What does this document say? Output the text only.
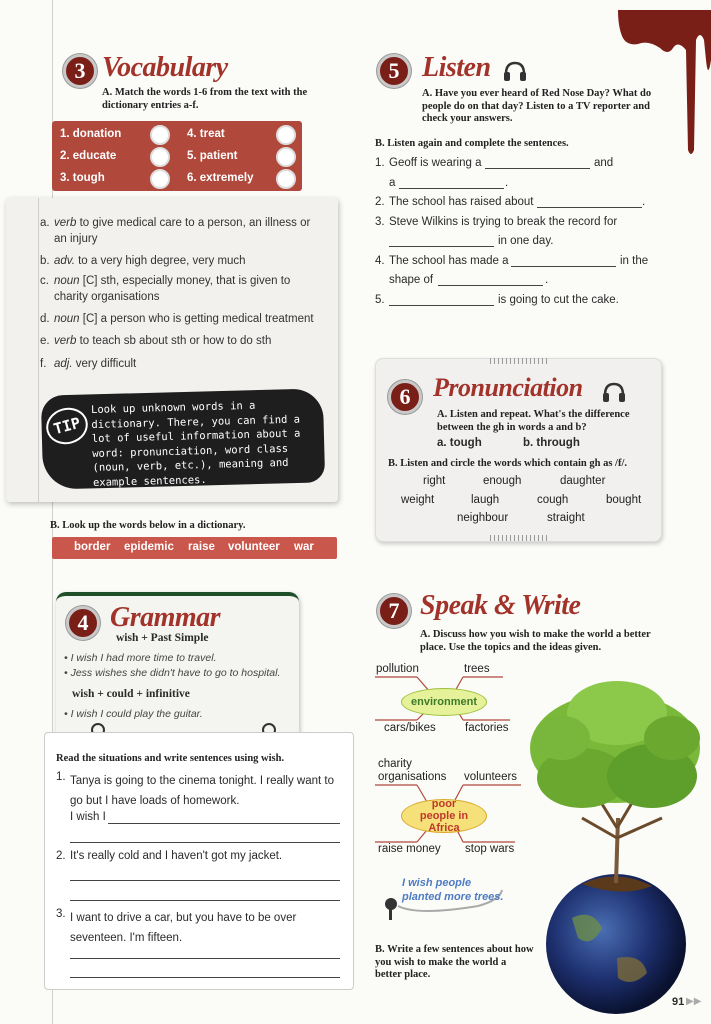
3 Vocabulary
A. Match the words 1-6 from the text with the dictionary entries a-f.
1. donation
2. educate
3. tough
4. treat
5. patient
6. extremely
a. verb to give medical care to a person, an illness or an injury
b. adv. to a very high degree, very much
c. noun [C] sth, especially money, that is given to charity organisations
d. noun [C] a person who is getting medical treatment
e. verb to teach sb about sth or how to do sth
f. adj. very difficult
TIP
Look up unknown words in a dictionary. There, you can find a lot of useful information about a word: pronunciation, word class (noun, verb, etc.), meaning and example sentences.
B. Look up the words below in a dictionary.
border epidemic raise volunteer war
5 Listen
A. Have you ever heard of Red Nose Day? What do people do on that day? Listen to a TV reporter and check your answers.
B. Listen again and complete the sentences.
1. Geoff is wearing a	and
a	.
2. The school has raised about	.
3. Steve Wilkins is trying to break the record for
in one day.
4. The school has made a	in the
shape of	.
5.	is going to cut the cake.
6 Pronunciation
A. Listen and repeat. What's the difference between the gh in words a and b?
a. tough	b. through
B. Listen and circle the words which contain gh as /f/.
right	enough	daughter
weight	laugh	cough	bought
neighbour	straight
4 Grammar
wish + Past Simple
• I wish I had more time to travel.
• Jess wishes she didn't have to go to hospital.
wish + could + infinitive
• I wish I could play the guitar.
Read the situations and write sentences using wish.
1. Tanya is going to the cinema tonight. I really want to go but I have loads of homework.
I wish I
2. It's really cold and I haven't got my jacket.
3. I want to drive a car, but you have to be over seventeen. I'm fifteen.
7 Speak & Write
A. Discuss how you wish to make the world a better place. Use the topics and the ideas given.
pollution	trees
environment
cars/bikes	factories
charity organisations	volunteers
poor people in Africa
raise money stop wars
I wish people planted more trees.
B. Write a few sentences about how you wish to make the world a better place.
91 ▶▶
